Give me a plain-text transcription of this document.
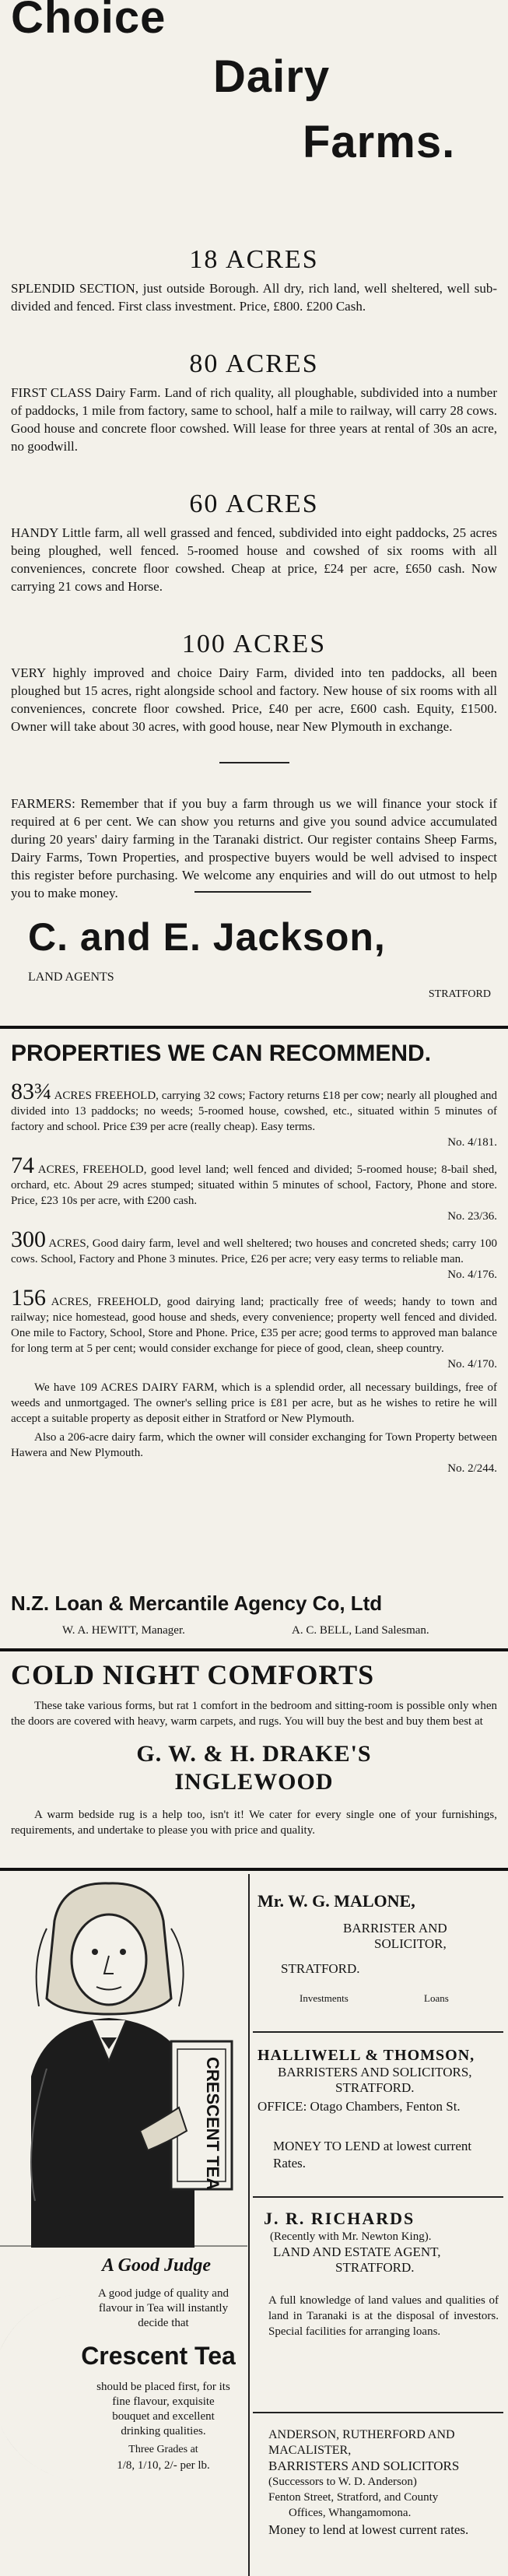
Choice
Dairy
Farms.
18 ACRES

SPLENDID SECTION, just outside Borough. All dry, rich land, well sheltered, well sub-divided and fenced. First class investment. Price, £800. £200 Cash.

80 ACRES

FIRST CLASS Dairy Farm. Land of rich quality, all ploughable, subdivided into a number of paddocks, 1 mile from factory, same to school, half a mile to railway, will carry 28 cows. Good house and concrete floor cowshed. Will lease for three years at rental of 30s an acre, no goodwill.

60 ACRES

HANDY Little farm, all well grassed and fenced, subdivided into eight paddocks, 25 acres being ploughed, well fenced. 5-roomed house and cowshed of six rooms with all conveniences, concrete floor cowshed. Cheap at price, £24 per acre, £650 cash. Now carrying 21 cows and Horse.

100 ACRES

VERY highly improved and choice Dairy Farm, divided into ten paddocks, all been ploughed but 15 acres, right alongside school and factory. New house of six rooms with all conveniences, concrete floor cowshed. Price, £40 per acre, £600 cash. Equity, £1500. Owner will take about 30 acres, with good house, near New Plymouth in exchange.

FARMERS: Remember that if you buy a farm through us we will finance your stock if required at 6 per cent. We can show you returns and give you sound advice accumulated during 20 years' dairy farming in the Taranaki district. Our register contains Sheep Farms, Dairy Farms, Town Properties, and prospective buyers would be well advised to inspect this register before purchasing. We welcome any enquiries and will do out utmost to help you to make money.

C. and E. Jackson,
LAND AGENTS
STRATFORD
PROPERTIES WE CAN RECOMMEND.

83¾ ACRES FREEHOLD, carrying 32 cows; Factory returns £18 per cow; nearly all ploughed and divided into 13 paddocks; no weeds; 5-roomed house, cowshed, etc., situated within 5 minutes of factory and school. Price £39 per acre (really cheap). Easy terms.

No. 4/181.

74 ACRES, FREEHOLD, good level land; well fenced and divided; 5-roomed house; 8-bail shed, orchard, etc. About 29 acres stumped; situated within 5 minutes of school, Factory, Phone and store. Price, £23 10s per acre, with £200 cash.

No. 23/36.

300 ACRES, Good dairy farm, level and well sheltered; two houses and concreted sheds; carry 100 cows. School, Factory and Phone 3 minutes. Price, £26 per acre; very easy terms to reliable man.

No. 4/176.

156 ACRES, FREEHOLD, good dairying land; practically free of weeds; handy to town and railway; nice homestead, good house and sheds, every convenience; property well fenced and divided. One mile to Factory, School, Store and Phone. Price, £35 per acre; good terms to approved man balance for long term at 5 per cent; would consider exchange for piece of good, clean, sheep country.

No. 4/170.

We have 109 ACRES DAIRY FARM, which is a splendid order, all necessary buildings, free of weeds and unmortgaged. The owner's selling price is £81 per acre, but as he wishes to retire he will accept a suitable property as deposit either in Stratford or New Plymouth.

Also a 206-acre dairy farm, which the owner will consider exchanging for Town Property between Hawera and New Plymouth.

No. 2/244.

N.Z. Loan & Mercantile Agency Co, Ltd
W. A. HEWITT, Manager.	A. C. BELL, Land Salesman.
COLD NIGHT COMFORTS

These take various forms, but rat 1 comfort in the bedroom and sitting-room is possible only when the doors are covered with heavy, warm carpets, and rugs. You will buy the best and buy them best at

G. W. & H. DRAKE'S
INGLEWOOD

A warm bedside rug is a help too, isn't it! We cater for every single one of your furnishings, requirements, and undertake to please you with price and quality.

CRESCENT TEA
A Good Judge

A good judge of quality and flavour in Tea will instantly decide that

Crescent Tea

should be placed first, for its fine flavour, exquisite bouquet and excellent drinking qualities.

Three Grades at
1/8, 1/10, 2/- per lb.
Mr. W. G. MALONE,
BARRISTER AND
SOLICITOR,
STRATFORD.
Investments	Loans
HALLIWELL & THOMSON,
BARRISTERS AND SOLICITORS,
STRATFORD.
OFFICE: Otago Chambers, Fenton St.
MONEY TO LEND at lowest current Rates.
J. R. RICHARDS
(Recently with Mr. Newton King).
LAND AND ESTATE AGENT,
STRATFORD.

A full knowledge of land values and qualities of land in Taranaki is at the disposal of investors. Special facilities for arranging loans.

ANDERSON, RUTHERFORD AND MACALISTER,
BARRISTERS AND SOLICITORS
(Successors to W. D. Anderson)
Fenton Street, Stratford, and County
Offices, Whangamomona.
Money to lend at lowest current rates.
